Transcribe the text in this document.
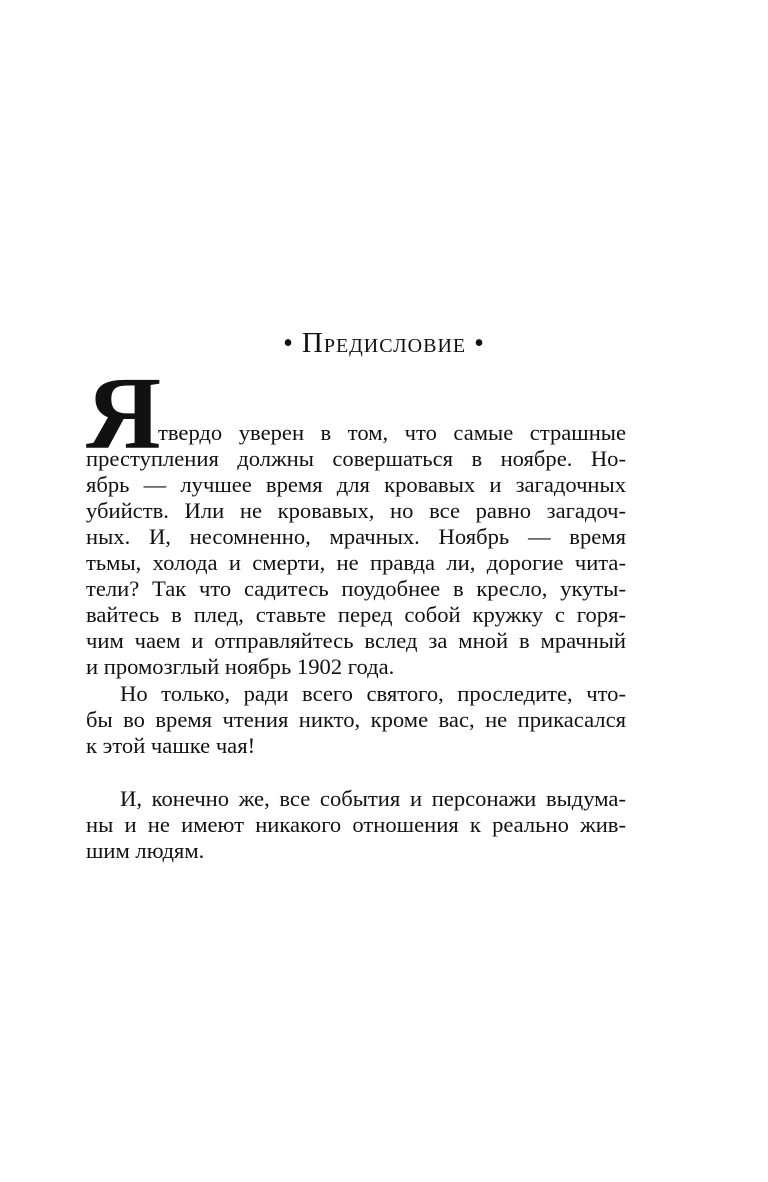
• Предисловие •
Я
твердо уверен в том, что самые страшные
преступления должны совершаться в ноябре. Но-
ябрь — лучшее время для кровавых и загадочных
убийств. Или не кровавых, но все равно загадоч-
ных. И, несомненно, мрачных. Ноябрь — время
тьмы, холода и смерти, не правда ли, дорогие чита-
тели? Так что садитесь поудобнее в кресло, укуты-
вайтесь в плед, ставьте перед собой кружку с горя-
чим чаем и отправляйтесь вслед за мной в мрачный
и промозглый ноябрь 1902 года.
Но только, ради всего святого, проследите, что-
бы во время чтения никто, кроме вас, не прикасался
к этой чашке чая!
И, конечно же, все события и персонажи выдума-
ны и не имеют никакого отношения к реально жив-
шим людям.
